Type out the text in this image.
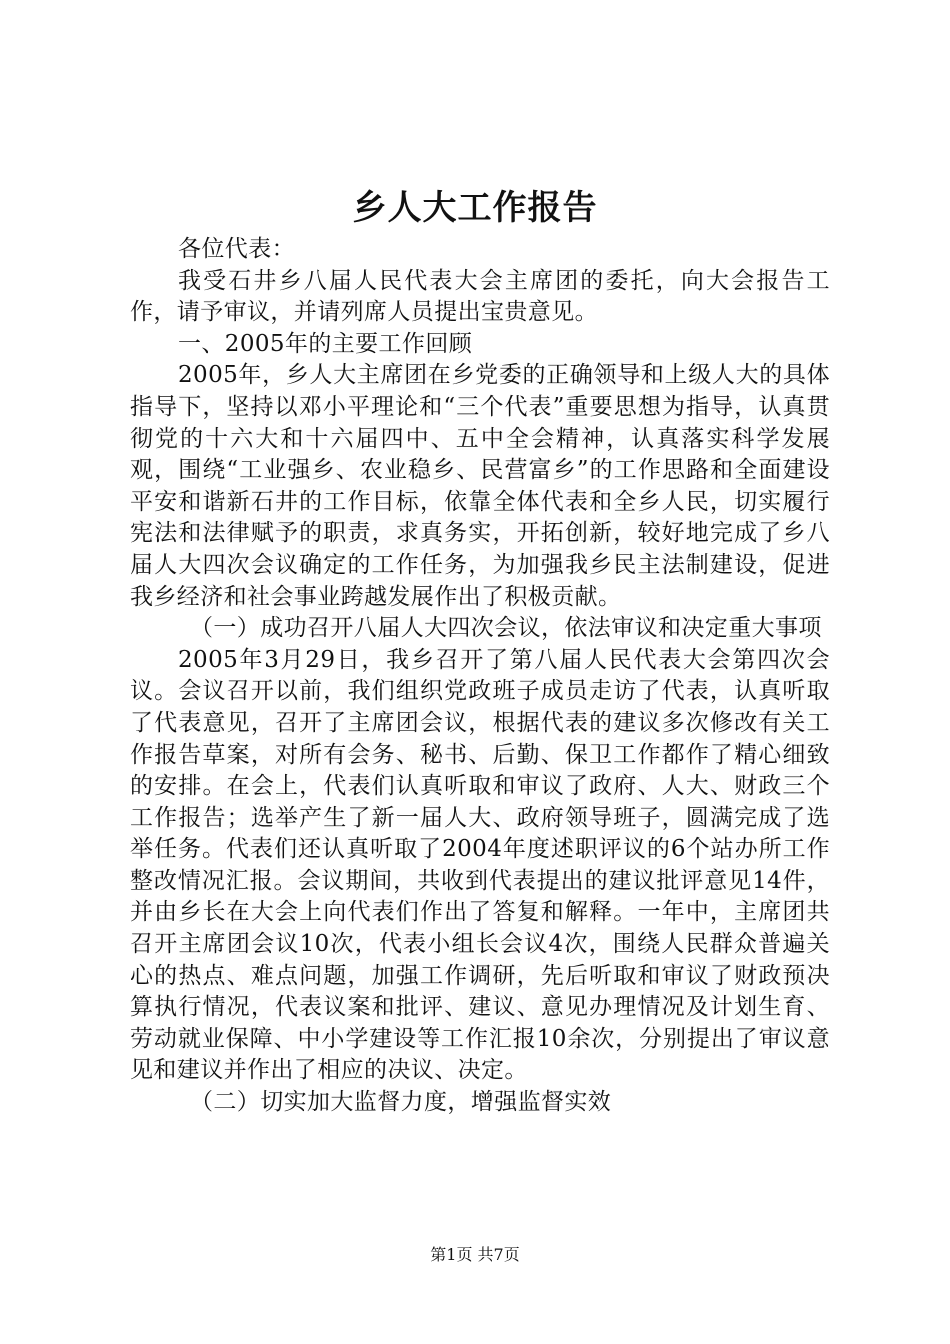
乡人大工作报告

各位代表：

我受石井乡八届人民代表大会主席团的委托，向大会报告工作，请予审议，并请列席人员提出宝贵意见。

一、2005年的主要工作回顾

2005年，乡人大主席团在乡党委的正确领导和上级人大的具体指导下，坚持以邓小平理论和“三个代表”重要思想为指导，认真贯彻党的十六大和十六届四中、五中全会精神，认真落实科学发展观，围绕“工业强乡、农业稳乡、民营富乡”的工作思路和全面建设平安和谐新石井的工作目标，依靠全体代表和全乡人民，切实履行宪法和法律赋予的职责，求真务实，开拓创新，较好地完成了乡八届人大四次会议确定的工作任务，为加强我乡民主法制建设，促进我乡经济和社会事业跨越发展作出了积极贡献。

（一）成功召开八届人大四次会议，依法审议和决定重大事项

2005年3月29日，我乡召开了第八届人民代表大会第四次会议。会议召开以前，我们组织党政班子成员走访了代表，认真听取了代表意见，召开了主席团会议，根据代表的建议多次修改有关工作报告草案，对所有会务、秘书、后勤、保卫工作都作了精心细致的安排。在会上，代表们认真听取和审议了政府、人大、财政三个工作报告；选举产生了新一届人大、政府领导班子，圆满完成了选举任务。代表们还认真听取了2004年度述职评议的6个站办所工作整改情况汇报。会议期间，共收到代表提出的建议批评意见14件，并由乡长在大会上向代表们作出了答复和解释。一年中，主席团共召开主席团会议10次，代表小组长会议4次，围绕人民群众普遍关心的热点、难点问题，加强工作调研，先后听取和审议了财政预决算执行情况，代表议案和批评、建议、意见办理情况及计划生育、劳动就业保障、中小学建设等工作汇报10余次，分别提出了审议意见和建议并作出了相应的决议、决定。

（二）切实加大监督力度，增强监督实效

第1页 共7页
